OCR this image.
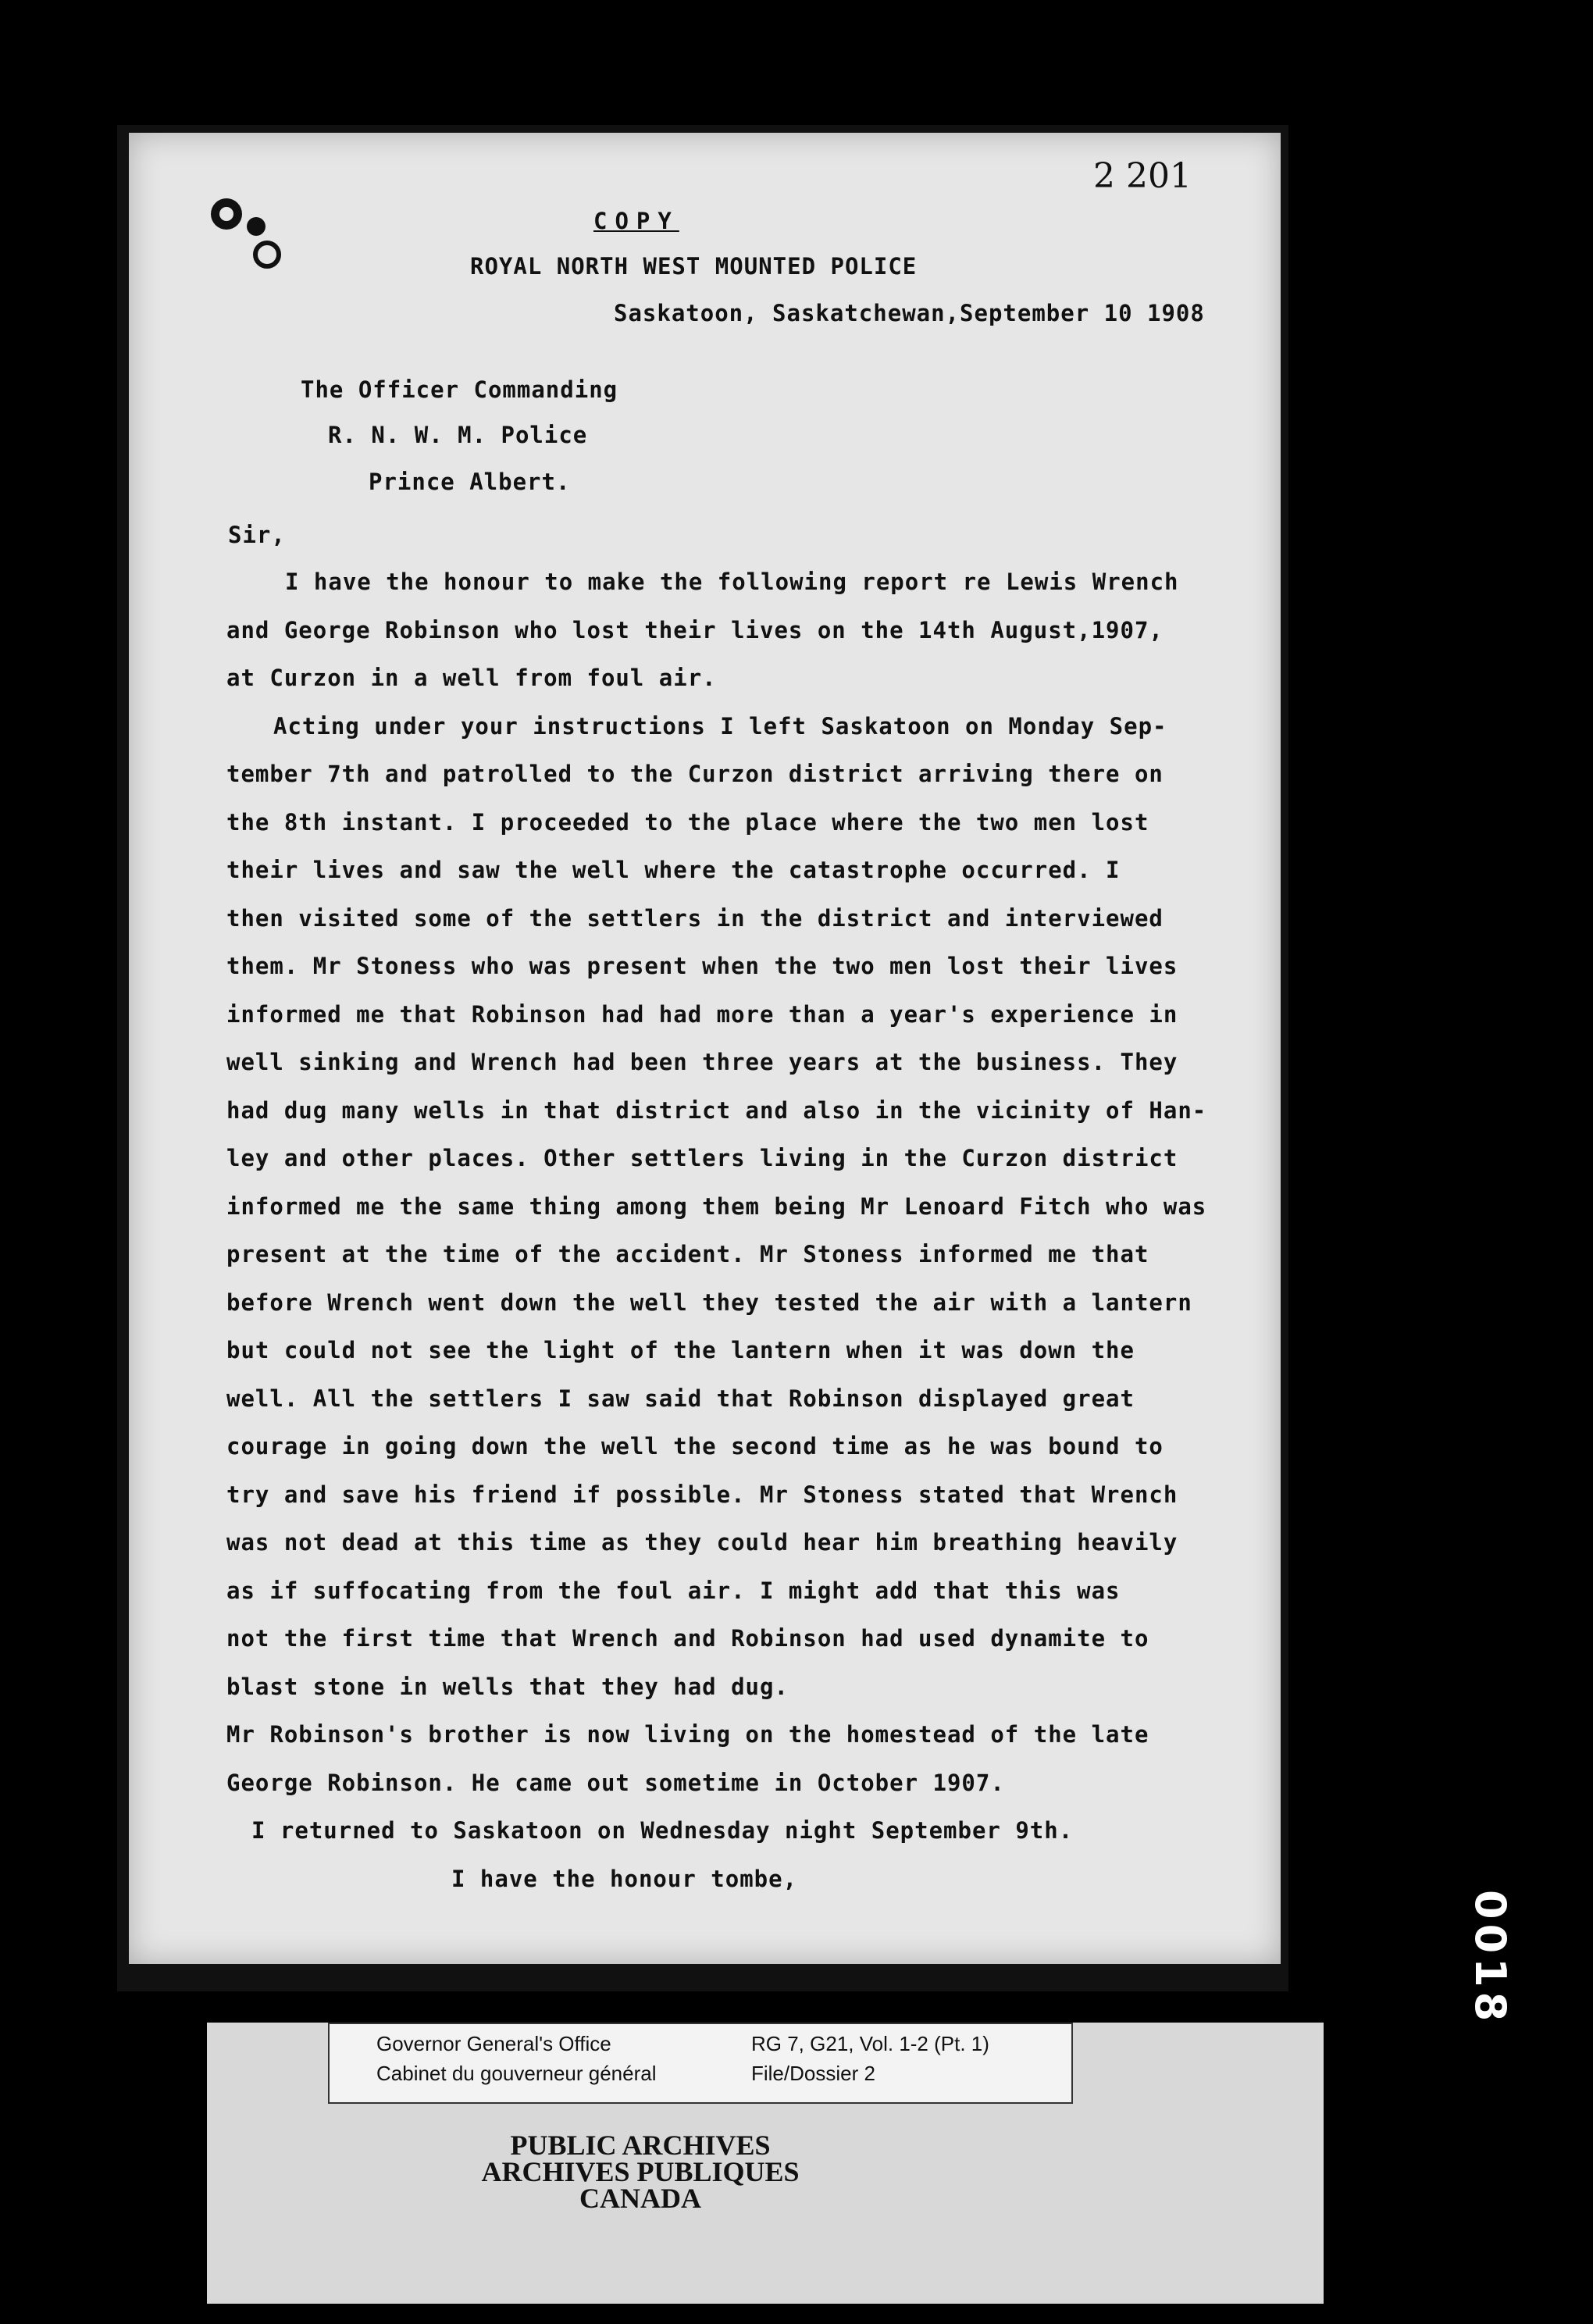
2 201
COPY
ROYAL NORTH WEST MOUNTED POLICE
Saskatoon, Saskatchewan,September 10 1908
The Officer Commanding
R. N. W. M. Police
Prince Albert.
Sir,
I have the honour to make the following report re Lewis Wrench
and George Robinson who lost their lives on the 14th August,1907,
at Curzon in a well from foul air.
Acting under your instructions I left Saskatoon on Monday Sep-
tember 7th and patrolled to the Curzon district arriving there on
the 8th instant. I proceeded to the place where the two men lost
their lives and saw the well where the catastrophe occurred. I
then visited some of the settlers in the district and interviewed
them. Mr Stoness who was present when the two men lost their lives
informed me that Robinson had had more than a year's experience in
well sinking and Wrench had been three years at the business. They
had dug many wells in that district and also in the vicinity of Han-
ley and other places. Other settlers living in the Curzon district
informed me the same thing among them being Mr Lenoard Fitch who was
present at the time of the accident. Mr Stoness informed me that
before Wrench went down the well they tested the air with a lantern
but could not see the light of the lantern when it was down the
well. All the settlers I saw said that Robinson displayed great
courage in going down the well the second time as he was bound to
try and save his friend if possible. Mr Stoness stated that Wrench
was not dead at this time as they could hear him breathing heavily
as if suffocating from the foul air. I might add that this was
not the first time that Wrench and Robinson had used dynamite to
blast stone in wells that they had dug.
Mr Robinson's brother is now living on the homestead of the late
George Robinson. He came out sometime in October 1907.
I returned to Saskatoon on Wednesday night September 9th.
I have the honour tombe,
Governor General's Office
Cabinet du gouverneur général
RG 7, G21, Vol. 1-2 (Pt. 1)
File/Dossier 2
PUBLIC ARCHIVES
ARCHIVES PUBLIQUES
CANADA
0018
